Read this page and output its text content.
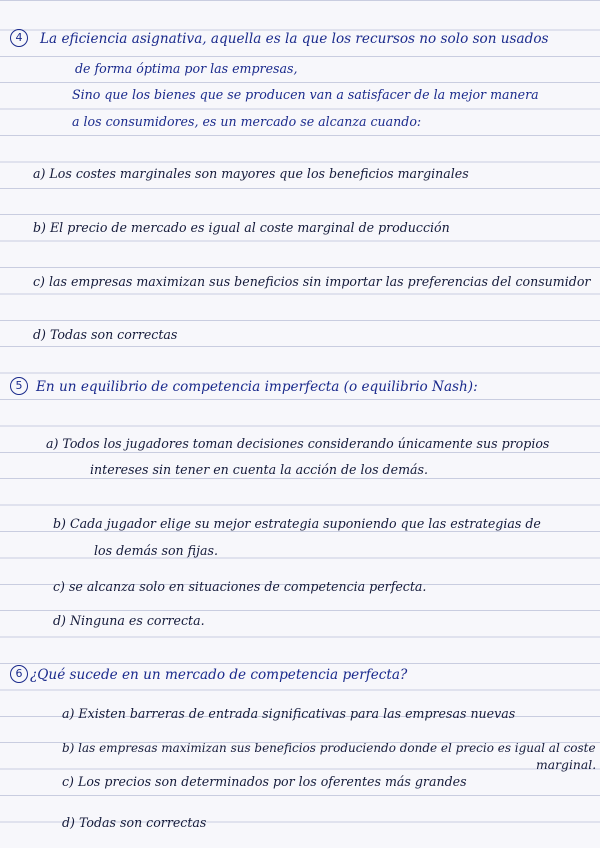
4	La eficiencia asignativa, aquella es la que los recursos no solo son usados
de forma óptima por las empresas,
Sino que los bienes que se producen van a satisfacer de la mejor manera
a los consumidores, es un mercado se alcanza cuando:
a) Los costes marginales son mayores que los beneficios marginales
b) El precio de mercado es igual al coste marginal de producción
c) las empresas maximizan sus beneficios sin importar las preferencias del consumidor
d) Todas son correctas
5 En un equilibrio de competencia imperfecta (o equilibrio Nash):
a) Todos los jugadores toman decisiones considerando únicamente sus propios
intereses sin tener en cuenta la acción de los demás.
b) Cada jugador elige su mejor estrategia suponiendo que las estrategias de
los demás son fijas.
c) se alcanza solo en situaciones de competencia perfecta.
d) Ninguna es correcta.
6 ¿Qué sucede en un mercado de competencia perfecta?
a) Existen barreras de entrada significativas para las empresas nuevas
b) las empresas maximizan sus beneficios produciendo donde el precio es igual al coste
marginal.
c) Los precios son determinados por los oferentes más grandes
d) Todas son correctas
